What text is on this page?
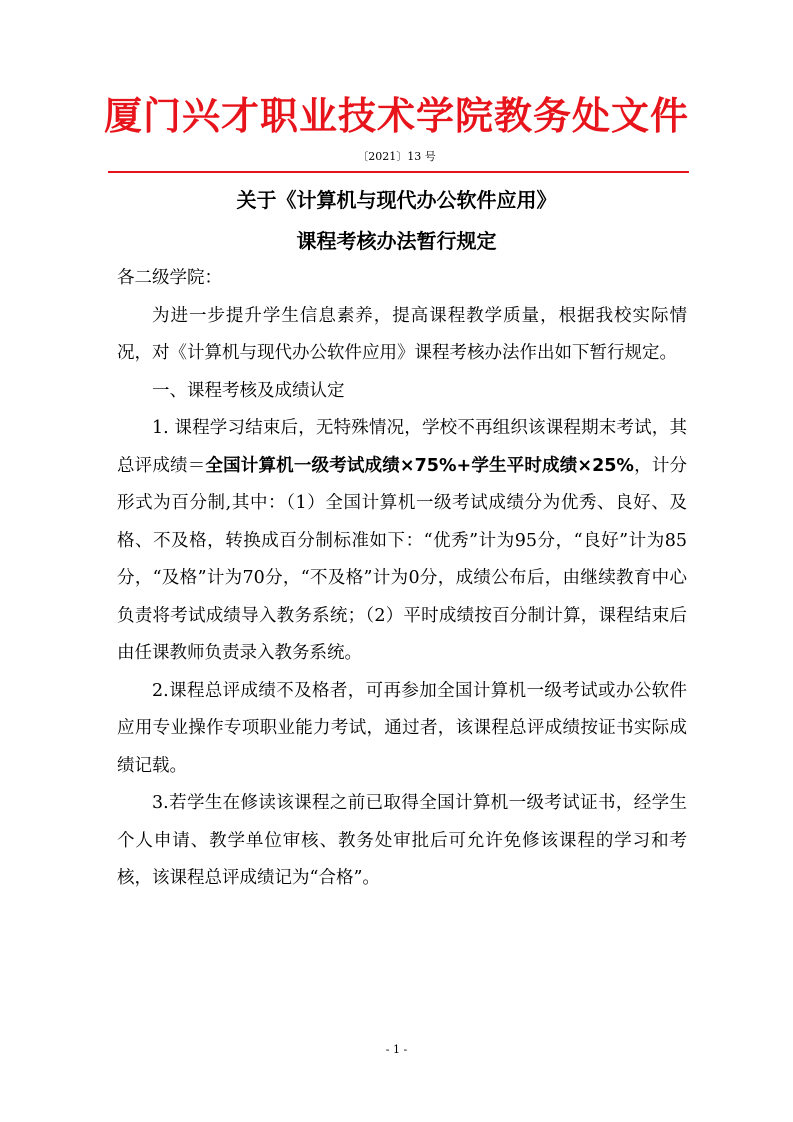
厦门兴才职业技术学院教务处文件
〔2021〕13 号
关于《计算机与现代办公软件应用》
课程考核办法暂行规定

各二级学院：

为进一步提升学生信息素养，提高课程教学质量，根据我校实际情况，对《计算机与现代办公软件应用》课程考核办法作出如下暂行规定。

一、课程考核及成绩认定

1. 课程学习结束后，无特殊情况，学校不再组织该课程期末考试，其总评成绩＝全国计算机一级考试成绩×75%+学生平时成绩×25%，计分形式为百分制,其中：（1）全国计算机一级考试成绩分为优秀、良好、及格、不及格，转换成百分制标准如下：“优秀”计为95分，“良好”计为85分，“及格”计为70分，“不及格”计为0分，成绩公布后，由继续教育中心负责将考试成绩导入教务系统；（2）平时成绩按百分制计算，课程结束后由任课教师负责录入教务系统。

2.课程总评成绩不及格者，可再参加全国计算机一级考试或办公软件应用专业操作专项职业能力考试，通过者，该课程总评成绩按证书实际成绩记载。

3.若学生在修读该课程之前已取得全国计算机一级考试证书，经学生个人申请、教学单位审核、教务处审批后可允许免修该课程的学习和考核，该课程总评成绩记为“合格”。

- 1 -
